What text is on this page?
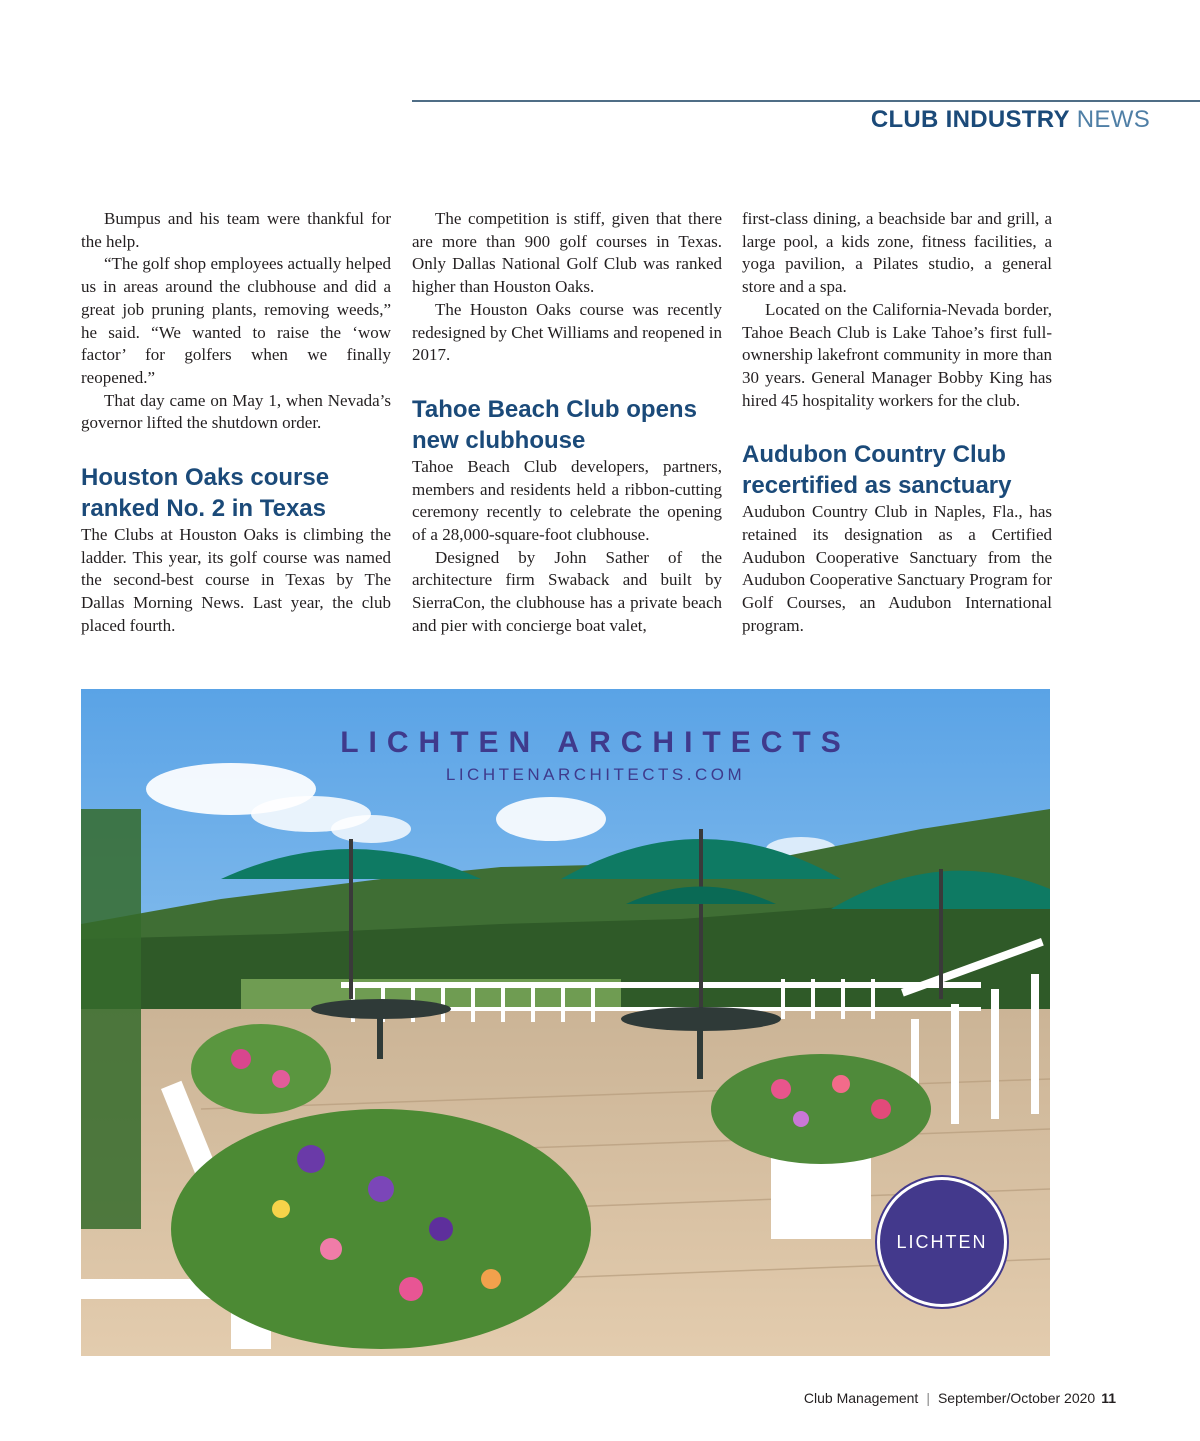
CLUB INDUSTRY NEWS

Bumpus and his team were thankful for the help.

“The golf shop employees actually helped us in areas around the clubhouse and did a great job pruning plants, removing weeds,” he said. “We wanted to raise the ‘wow factor’ for golfers when we finally reopened.”

That day came on May 1, when Nevada’s governor lifted the shutdown order.

Houston Oaks course ranked No. 2 in Texas

The Clubs at Houston Oaks is climbing the ladder. This year, its golf course was named the second-best course in Texas by The Dallas Morning News. Last year, the club placed fourth.

The competition is stiff, given that there are more than 900 golf courses in Texas. Only Dallas National Golf Club was ranked higher than Houston Oaks.

The Houston Oaks course was recently redesigned by Chet Williams and reopened in 2017.

Tahoe Beach Club opens new clubhouse

Tahoe Beach Club developers, partners, members and residents held a ribbon-cutting ceremony recently to celebrate the opening of a 28,000-square-foot clubhouse.

Designed by John Sather of the architecture firm Swaback and built by SierraCon, the clubhouse has a private beach and pier with concierge boat valet,

first-class dining, a beachside bar and grill, a large pool, a kids zone, fitness facilities, a yoga pavilion, a Pilates studio, a general store and a spa.

Located on the California-Nevada border, Tahoe Beach Club is Lake Tahoe’s first full-ownership lakefront community in more than 30 years. General Manager Bobby King has hired 45 hospitality workers for the club.

Audubon Country Club recertified as sanctuary

Audubon Country Club in Naples, Fla., has retained its designation as a Certified Audubon Cooperative Sanctuary from the Audubon Cooperative Sanctuary Program for Golf Courses, an Audubon International program.

LICHTEN ARCHITECTS
LICHTENARCHITECTS.COM
LICHTEN
Club Management | September/October 2020 11
